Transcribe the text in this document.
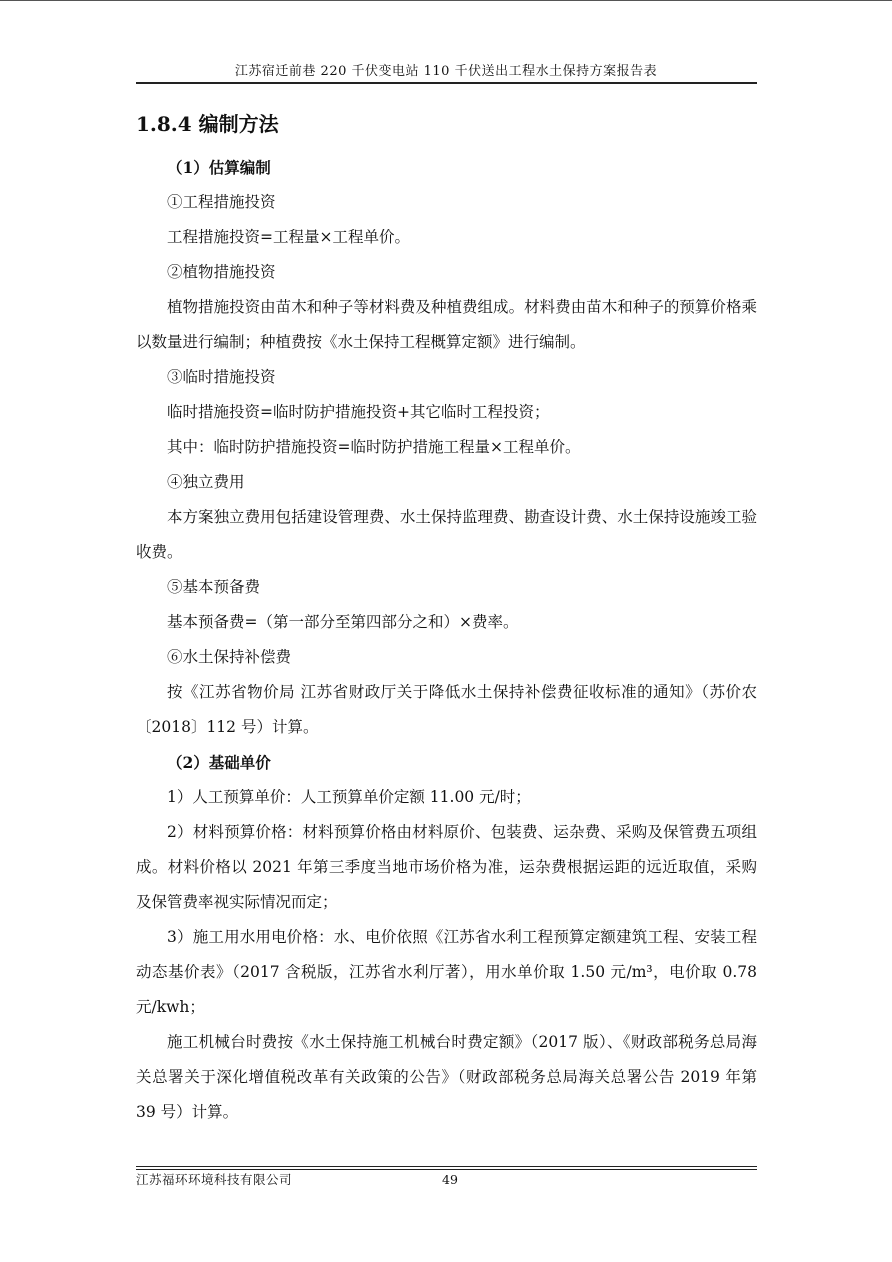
江苏宿迁前巷 220 千伏变电站 110 千伏送出工程水土保持方案报告表
1.8.4 编制方法

（1）估算编制

①工程措施投资

工程措施投资=工程量×工程单价。

②植物措施投资

植物措施投资由苗木和种子等材料费及种植费组成。材料费由苗木和种子的预算价格乘以数量进行编制；种植费按《水土保持工程概算定额》进行编制。

③临时措施投资

临时措施投资=临时防护措施投资+其它临时工程投资；

其中：临时防护措施投资=临时防护措施工程量×工程单价。

④独立费用

本方案独立费用包括建设管理费、水土保持监理费、勘查设计费、水土保持设施竣工验收费。

⑤基本预备费

基本预备费=（第一部分至第四部分之和）×费率。

⑥水土保持补偿费

按《江苏省物价局 江苏省财政厅关于降低水土保持补偿费征收标准的通知》（苏价农〔2018〕112 号）计算。

（2）基础单价

1）人工预算单价：人工预算单价定额 11.00 元/时；

2）材料预算价格：材料预算价格由材料原价、包装费、运杂费、采购及保管费五项组成。材料价格以 2021 年第三季度当地市场价格为准，运杂费根据运距的远近取值，采购及保管费率视实际情况而定；

3）施工用水用电价格：水、电价依照《江苏省水利工程预算定额建筑工程、安装工程动态基价表》（2017 含税版，江苏省水利厅著），用水单价取 1.50 元/m³，电价取 0.78 元/kwh；

施工机械台时费按《水土保持施工机械台时费定额》（2017 版）、《财政部税务总局海关总署关于深化增值税改革有关政策的公告》（财政部税务总局海关总署公告 2019 年第 39 号）计算。

江苏福环环境科技有限公司	49
